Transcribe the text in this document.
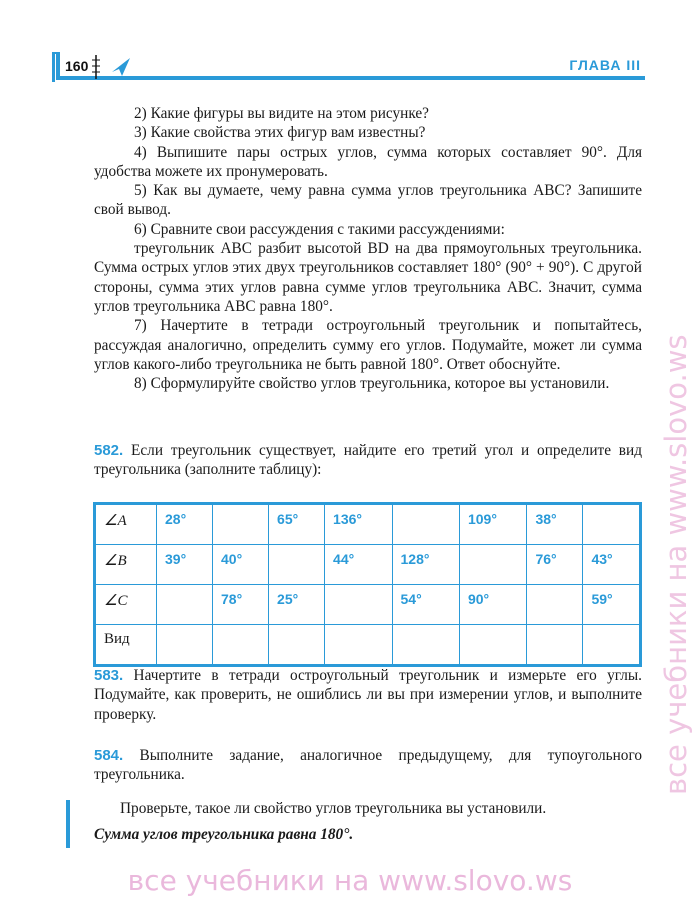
160	ГЛАВА III

2) Какие фигуры вы видите на этом рисунке?

3) Какие свойства этих фигур вам известны?

4) Выпишите пары острых углов, сумма которых составляет 90°. Для удобства можете их пронумеровать.

5) Как вы думаете, чему равна сумма углов треугольника ABC? Запишите свой вывод.

6) Сравните свои рассуждения с такими рассуждениями:

треугольник ABC разбит высотой BD на два прямоугольных треугольника. Сумма острых углов этих двух треугольников составляет 180° (90° + 90°). С другой стороны, сумма этих углов равна сумме углов треугольника ABC. Значит, сумма углов треугольника ABC равна 180°.

7) Начертите в тетради остроугольный треугольник и попытайтесь, рассуждая аналогично, определить сумму его углов. Подумайте, может ли сумма углов какого-либо треугольника не быть равной 180°. Ответ обоснуйте.

8) Сформулируйте свойство углов треугольника, которое вы установили.

582. Если треугольник существует, найдите его третий угол и определите вид треугольника (заполните таблицу):

∠A	28°		65°	136°		109°	38°	
∠B	39°	40°		44°	128°		76°	43°
∠C		78°	25°		54°	90°		59°
Вид								

583. Начертите в тетради остроугольный треугольник и измерьте его углы. Подумайте, как проверить, не ошиблись ли вы при измерении углов, и выполните проверку.

584. Выполните задание, аналогичное предыдущему, для тупоугольного треугольника.

Проверьте, такое ли свойство углов треугольника вы установили.
Сумма углов треугольника равна 180°.
все учебники на www.slovo.ws
все учебники на www.slovo.ws
